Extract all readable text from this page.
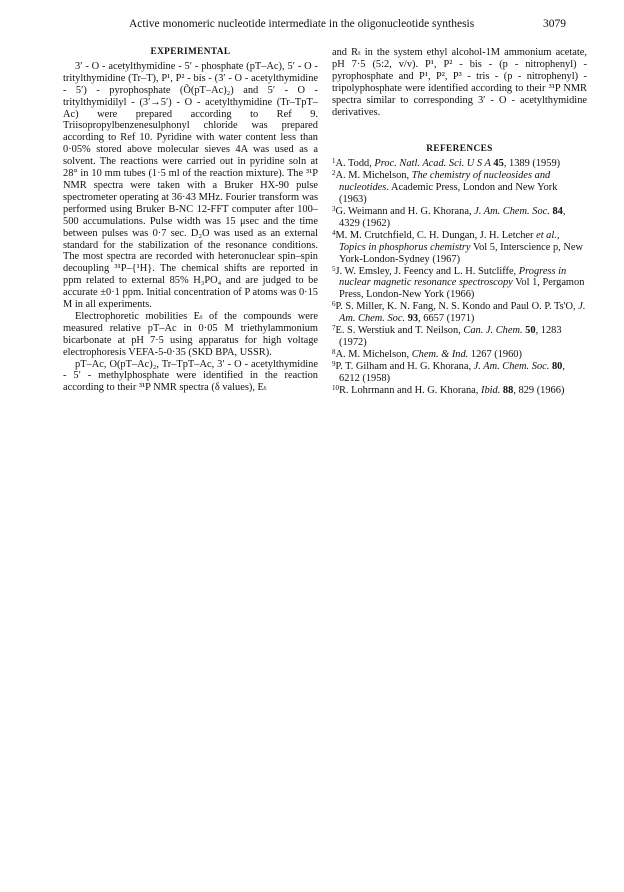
Active monomeric nucleotide intermediate in the oligonucleotide synthesis	3079
EXPERIMENTAL

3′ - O - acetylthymidine - 5′ - phosphate (pT–Ac), 5′ - O - tritylthymidine (Tr–T), P¹, P² - bis - (3′ - O - acetylthymidine - 5′) - pyrophosphate (Õ(pT–Ac)₂) and 5′ - O - tritylthymidilyl - (3′→5′) - O - acetylthymidine (Tr–TpT–Ac) were prepared according to Ref 9. Triisopropylbenzenesulphonyl chloride was prepared according to Ref 10. Pyridine with water content less than 0·05% stored above molecular sieves 4A was used as a solvent. The reactions were carried out in pyridine soln at 28° in 10 mm tubes (1·5 ml of the reaction mixture). The ³¹P NMR spectra were taken with a Bruker HX-90 pulse spectrometer operating at 36·43 MHz. Fourier transform was performed using Bruker B-NC 12-FFT computer after 100–500 accumulations. Pulse width was 15 μsec and the time between pulses was 0·7 sec. D₂O was used as an external standard for the stabilization of the resonance conditions. The most spectra are recorded with heteronuclear spin–spin decoupling ³¹P–{¹H}. The chemical shifts are reported in ppm related to external 85% H₃PO₄ and are judged to be accurate ±0·1 ppm. Initial concentration of P atoms was 0·15 M in all experiments.

Electrophoretic mobilities Eₜ of the compounds were measured relative pT–Ac in 0·05 M triethylammonium bicarbonate at pH 7·5 using apparatus for high voltage electrophoresis VEFA-5-0·35 (SKD BPA, USSR).

pT–Ac, O(pT–Ac)₂, Tr–TpT–Ac, 3′ - O - acetylthymidine - 5′ - methylphosphate were identified in the reaction according to their ³¹P NMR spectra (δ values), Eₜ

and Rₜ in the system ethyl alcohol-1M ammonium acetate, pH 7·5 (5:2, v/v). P¹, P² - bis - (p - nitrophenyl) - pyrophosphate and P¹, P², P³ - tris - (p - nitrophenyl) - tripolyphosphate were identified according to their ³¹P NMR spectra similar to corresponding 3′ - O - acetylthymidine derivatives.

REFERENCES
$^1$A. Todd, Proc. Natl. Acad. Sci. U S A 45, 1389 (1959)
$^2$A. M. Michelson, The chemistry of nucleosides and nucleotides. Academic Press, London and New York (1963)
$^3$G. Weimann and H. G. Khorana, J. Am. Chem. Soc. 84, 4329 (1962)
$^4$M. M. Crutchfield, C. H. Dungan, J. H. Letcher et al., Topics in phosphorus chemistry Vol 5, Interscience p, New York-London-Sydney (1967)
$^5$J. W. Emsley, J. Feency and L. H. Sutcliffe, Progress in nuclear magnetic resonance spectroscopy Vol 1, Pergamon Press, London-New York (1966)
$^6$P. S. Miller, K. N. Fang, N. S. Kondo and Paul O. P. Ts'O, J. Am. Chem. Soc. 93, 6657 (1971)
$^7$E. S. Werstiuk and T. Neilson, Can. J. Chem. 50, 1283 (1972)
$^8$A. M. Michelson, Chem. & Ind. 1267 (1960)
$^9$P. T. Gilham and H. G. Khorana, J. Am. Chem. Soc. 80, 6212 (1958)
$^{10}$R. Lohrmann and H. G. Khorana, Ibid. 88, 829 (1966)
